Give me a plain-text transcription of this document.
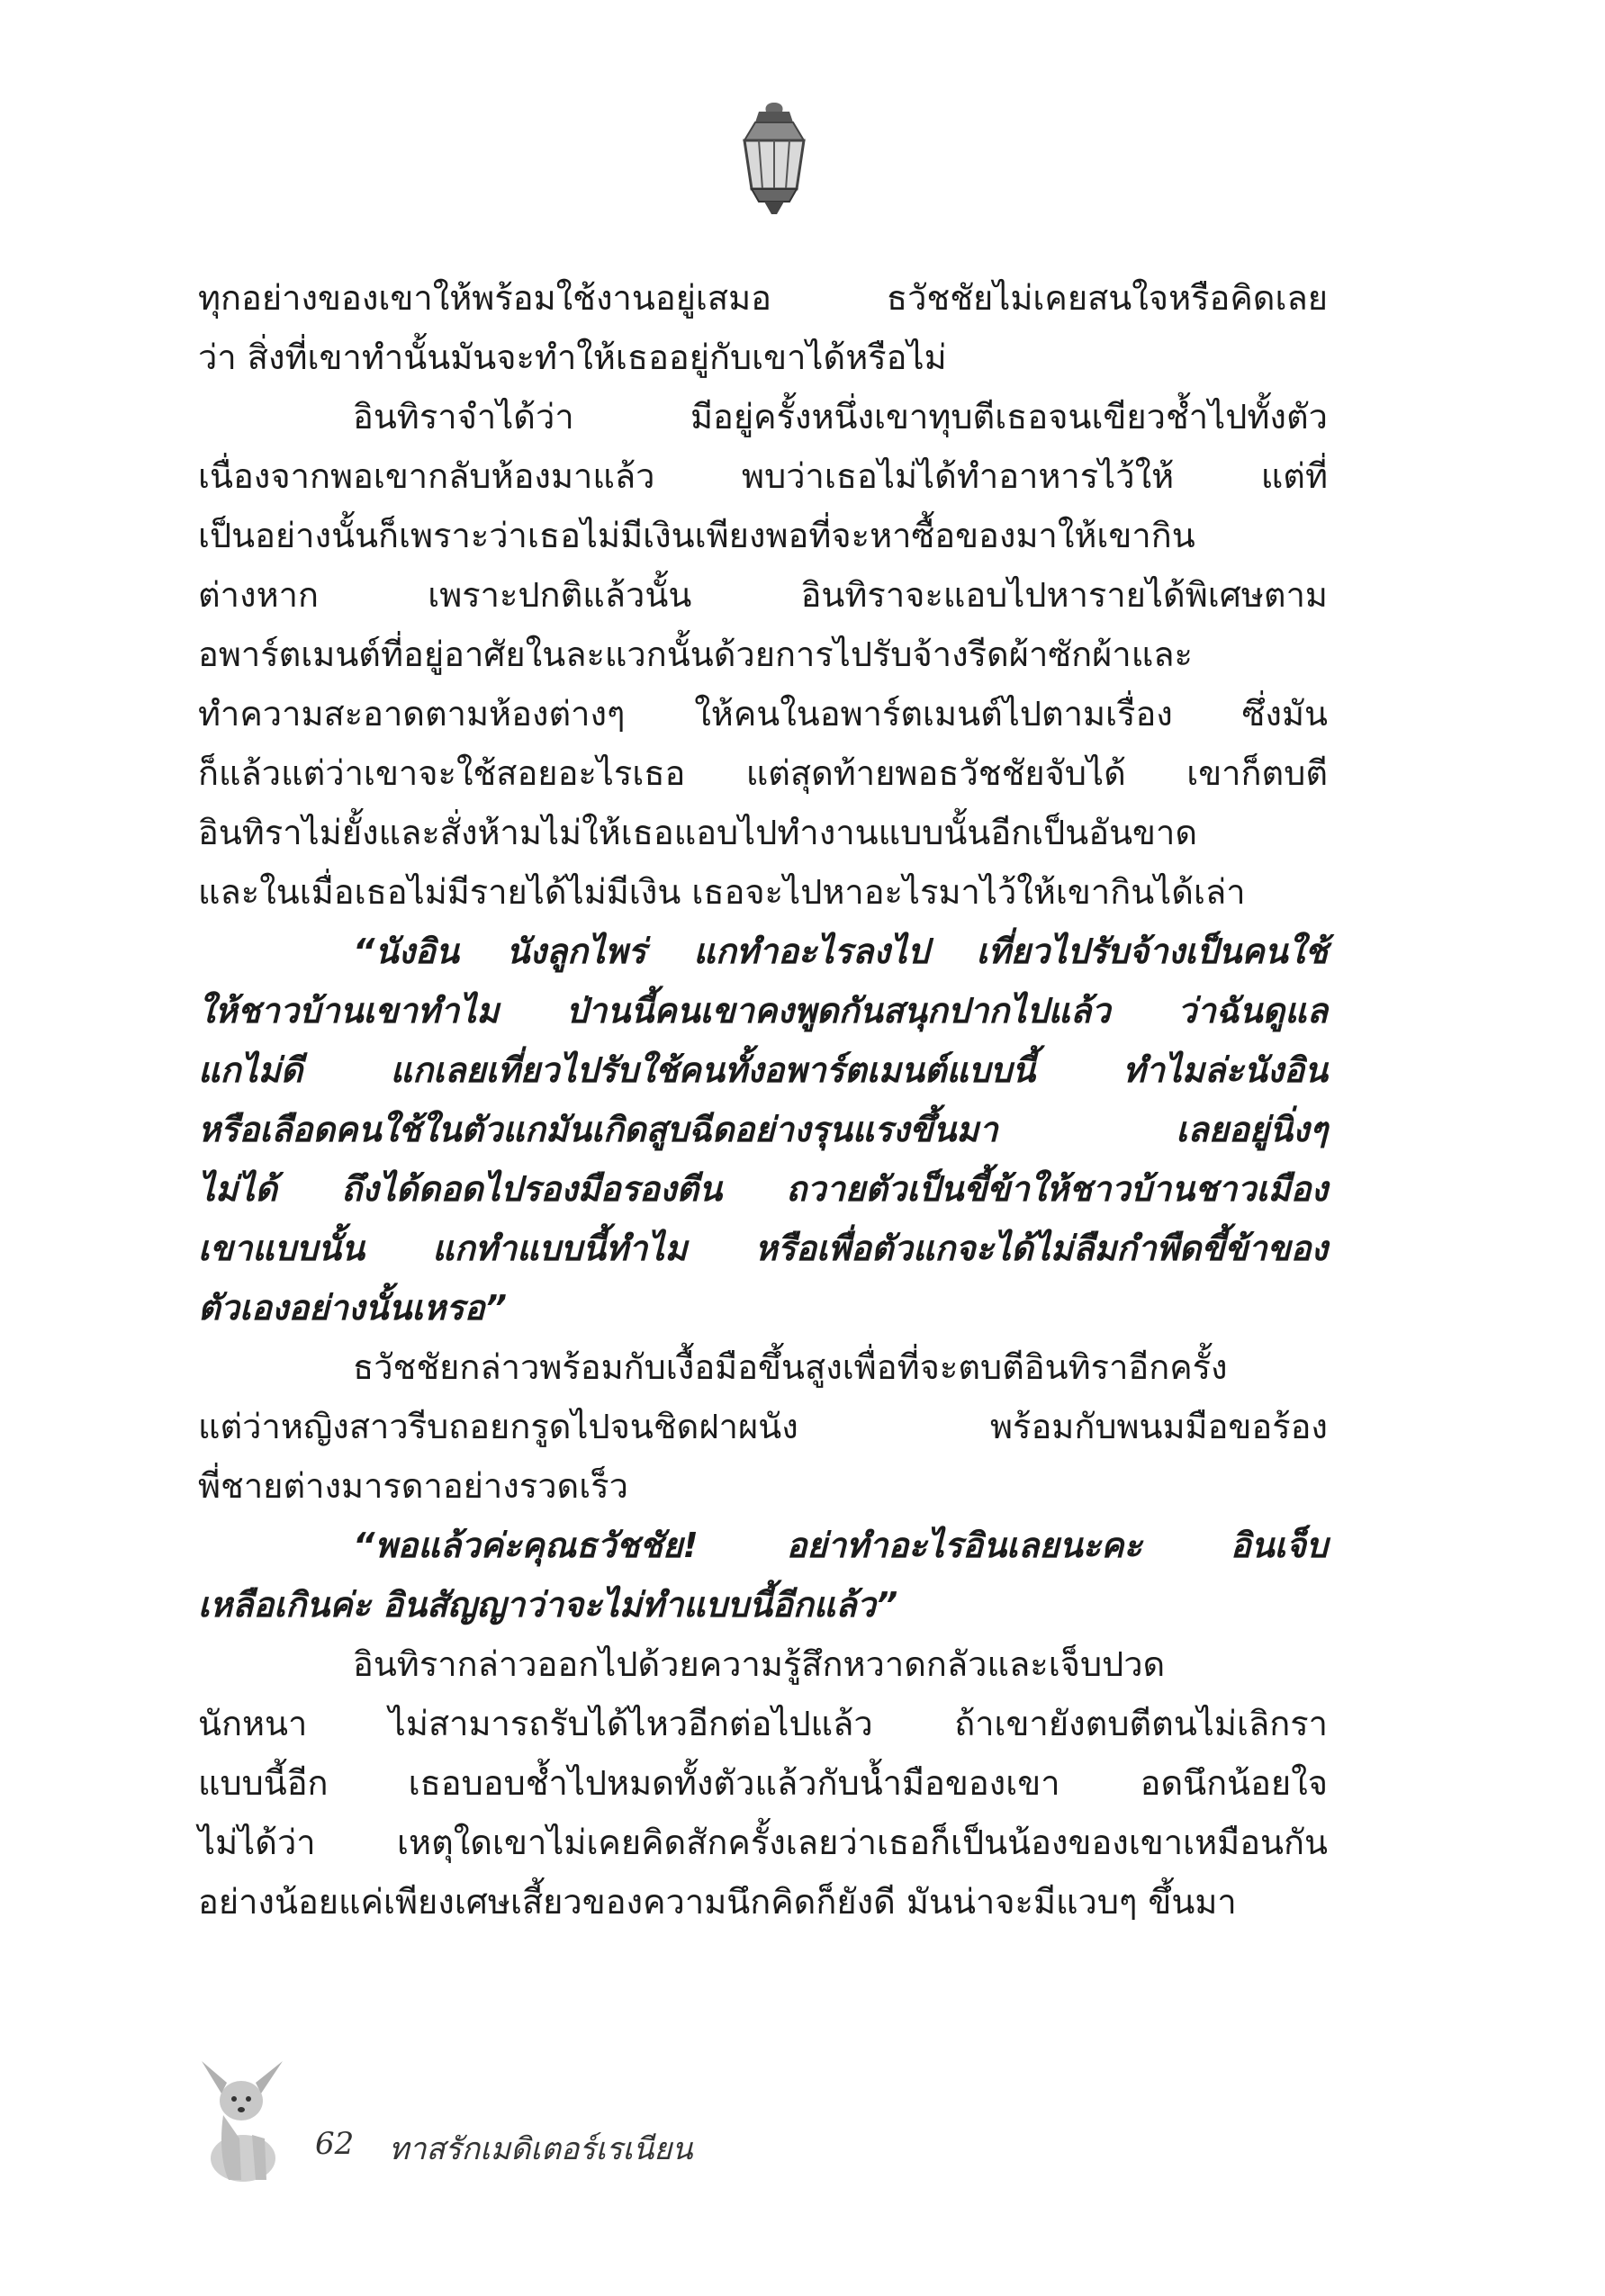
ทุกอย่างของเขาให้พร้อมใช้งานอยู่เสมอ ธวัชชัยไม่เคยสนใจหรือคิดเลย
ว่า สิ่งที่เขาทำนั้นมันจะทำให้เธออยู่กับเขาได้หรือไม่
อินทิราจำได้ว่า มีอยู่ครั้งหนึ่งเขาทุบตีเธอจนเขียวช้ำไปทั้งตัว
เนื่องจากพอเขากลับห้องมาแล้ว พบว่าเธอไม่ได้ทำอาหารไว้ให้ แต่ที่
เป็นอย่างนั้นก็เพราะว่าเธอไม่มีเงินเพียงพอที่จะหาซื้อของมาให้เขากิน
ต่างหาก เพราะปกติแล้วนั้น อินทิราจะแอบไปหารายได้พิเศษตาม
อพาร์ตเมนต์ที่อยู่อาศัยในละแวกนั้นด้วยการไปรับจ้างรีดผ้าซักผ้าและ
ทำความสะอาดตามห้องต่างๆ ให้คนในอพาร์ตเมนต์ไปตามเรื่อง ซึ่งมัน
ก็แล้วแต่ว่าเขาจะใช้สอยอะไรเธอ แต่สุดท้ายพอธวัชชัยจับได้ เขาก็ตบตี
อินทิราไม่ยั้งและสั่งห้ามไม่ให้เธอแอบไปทำงานแบบนั้นอีกเป็นอันขาด
และในเมื่อเธอไม่มีรายได้ไม่มีเงิน เธอจะไปหาอะไรมาไว้ให้เขากินได้เล่า
“นังอิน นังลูกไพร่ แกทำอะไรลงไป เที่ยวไปรับจ้างเป็นคนใช้
ให้ชาวบ้านเขาทำไม ป่านนี้คนเขาคงพูดกันสนุกปากไปแล้ว ว่าฉันดูแล
แกไม่ดี แกเลยเที่ยวไปรับใช้คนทั้งอพาร์ตเมนต์แบบนี้ ทำไมล่ะนังอิน
หรือเลือดคนใช้ในตัวแกมันเกิดสูบฉีดอย่างรุนแรงขึ้นมา เลยอยู่นิ่งๆ
ไม่ได้ ถึงได้ดอดไปรองมือรองตีน ถวายตัวเป็นขี้ข้าให้ชาวบ้านชาวเมือง
เขาแบบนั้น แกทำแบบนี้ทำไม หรือเพื่อตัวแกจะได้ไม่ลืมกำพืดขี้ข้าของ
ตัวเองอย่างนั้นเหรอ”
ธวัชชัยกล่าวพร้อมกับเงื้อมือขึ้นสูงเพื่อที่จะตบตีอินทิราอีกครั้ง
แต่ว่าหญิงสาวรีบถอยกรูดไปจนชิดฝาผนัง พร้อมกับพนมมือขอร้อง
พี่ชายต่างมารดาอย่างรวดเร็ว
“พอแล้วค่ะคุณธวัชชัย! อย่าทำอะไรอินเลยนะคะ อินเจ็บ
เหลือเกินค่ะ อินสัญญาว่าจะไม่ทำแบบนี้อีกแล้ว”
อินทิรากล่าวออกไปด้วยความรู้สึกหวาดกลัวและเจ็บปวด
นักหนา ไม่สามารถรับได้ไหวอีกต่อไปแล้ว ถ้าเขายังตบตีตนไม่เลิกรา
แบบนี้อีก เธอบอบช้ำไปหมดทั้งตัวแล้วกับน้ำมือของเขา อดนึกน้อยใจ
ไม่ได้ว่า เหตุใดเขาไม่เคยคิดสักครั้งเลยว่าเธอก็เป็นน้องของเขาเหมือนกัน
อย่างน้อยแค่เพียงเศษเสี้ยวของความนึกคิดก็ยังดี มันน่าจะมีแวบๆ ขึ้นมา
62 ทาสรักเมดิเตอร์เรเนียน
